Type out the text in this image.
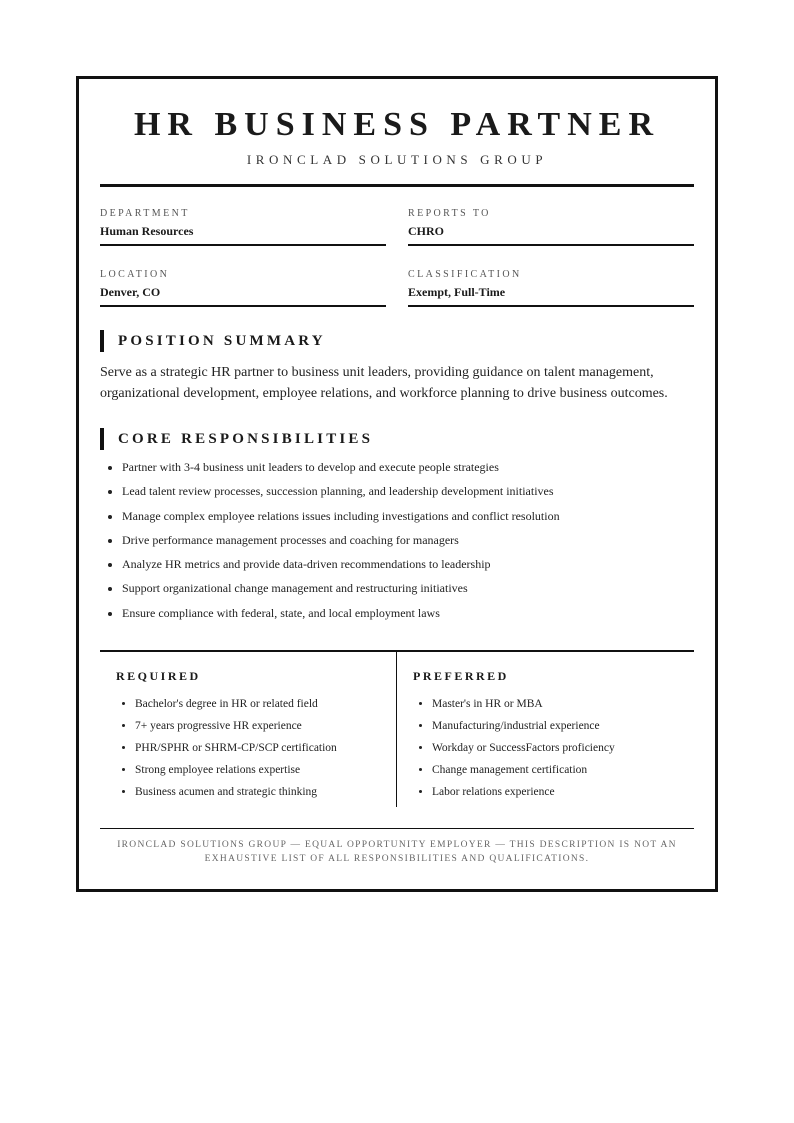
HR BUSINESS PARTNER

IRONCLAD SOLUTIONS GROUP

DEPARTMENT
Human Resources
REPORTS TO
CHRO
LOCATION
Denver, CO
CLASSIFICATION
Exempt, Full-Time
POSITION SUMMARY

Serve as a strategic HR partner to business unit leaders, providing guidance on talent management, organizational development, employee relations, and workforce planning to drive business outcomes.

CORE RESPONSIBILITIES
• Partner with 3-4 business unit leaders to develop and execute people strategies
• Lead talent review processes, succession planning, and leadership development initiatives
• Manage complex employee relations issues including investigations and conflict resolution
• Drive performance management processes and coaching for managers
• Analyze HR metrics and provide data-driven recommendations to leadership
• Support organizational change management and restructuring initiatives
• Ensure compliance with federal, state, and local employment laws
REQUIRED
• Bachelor's degree in HR or related field
• 7+ years progressive HR experience
• PHR/SPHR or SHRM-CP/SCP certification
• Strong employee relations expertise
• Business acumen and strategic thinking
PREFERRED
• Master's in HR or MBA
• Manufacturing/industrial experience
• Workday or SuccessFactors proficiency
• Change management certification
• Labor relations experience

IRONCLAD SOLUTIONS GROUP — EQUAL OPPORTUNITY EMPLOYER — THIS DESCRIPTION IS NOT AN
EXHAUSTIVE LIST OF ALL RESPONSIBILITIES AND QUALIFICATIONS.
